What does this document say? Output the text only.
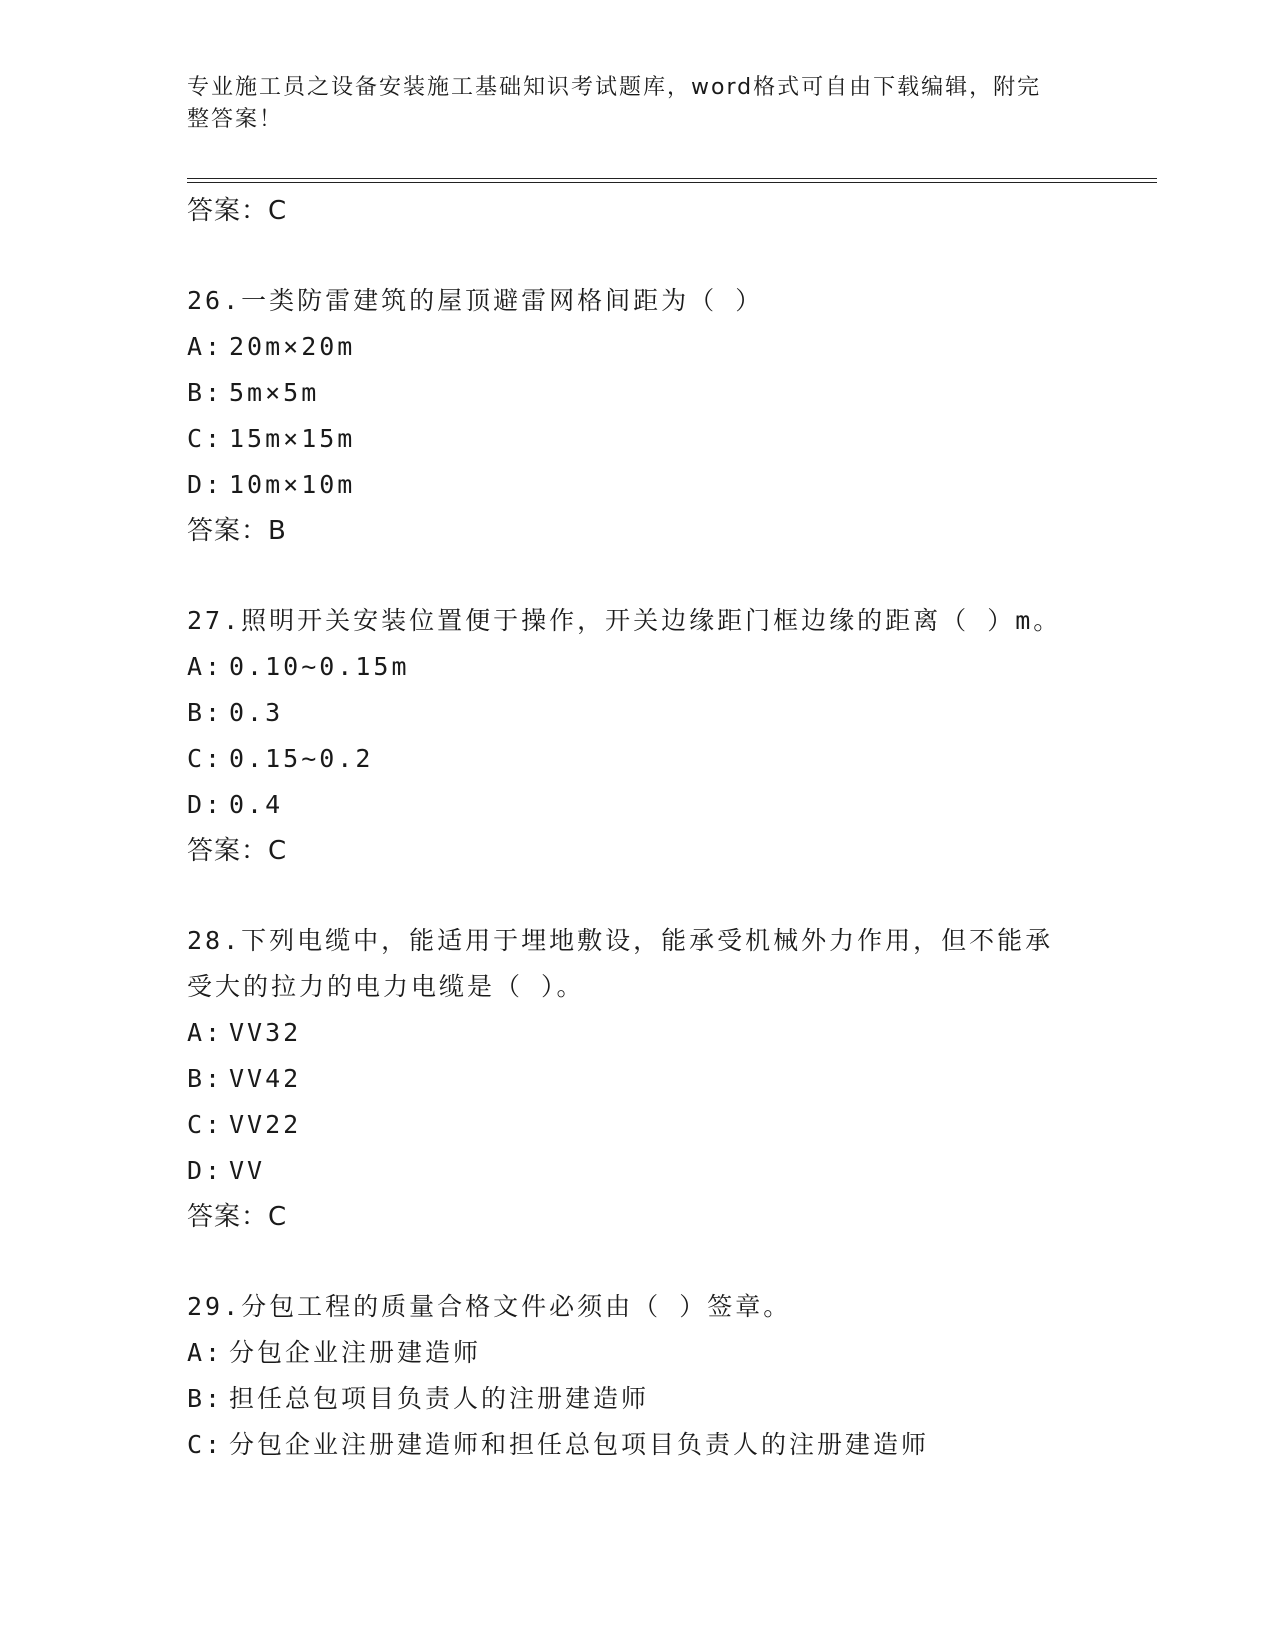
专业施工员之设备安装施工基础知识考试题库，word格式可自由下载编辑，附完
整答案！
答案：C
26.一类防雷建筑的屋顶避雷网格间距为（ ）
A: 20m×20m
B: 5m×5m
C: 15m×15m
D: 10m×10m
答案：B
27.照明开关安装位置便于操作，开关边缘距门框边缘的距离（ ）m。
A: 0.10~0.15m
B: 0.3
C: 0.15~0.2
D: 0.4
答案：C
28.下列电缆中，能适用于埋地敷设，能承受机械外力作用，但不能承
受大的拉力的电力电缆是（ ）。
A: VV32
B: VV42
C: VV22
D: VV
答案：C
29.分包工程的质量合格文件必须由（ ）签章。
A: 分包企业注册建造师
B: 担任总包项目负责人的注册建造师
C: 分包企业注册建造师和担任总包项目负责人的注册建造师
